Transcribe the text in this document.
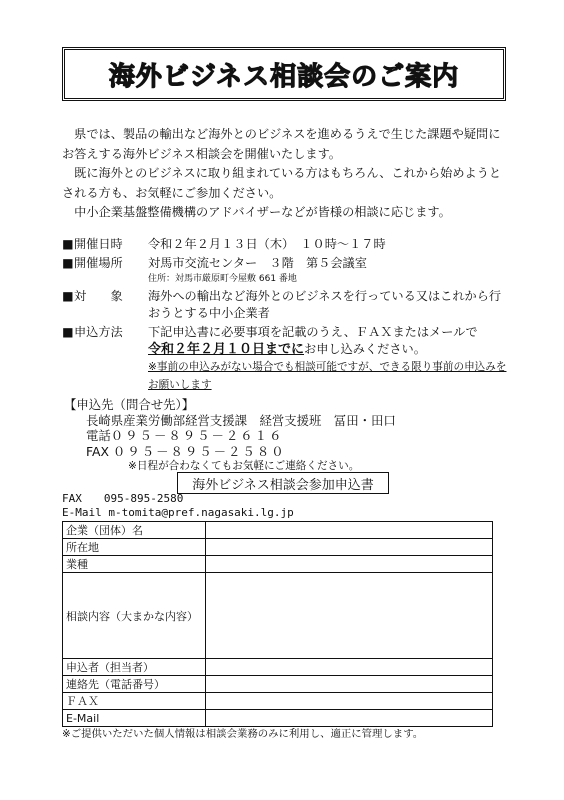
海外ビジネス相談会のご案内

　県では、製品の輸出など海外とのビジネスを進めるうえで生じた課題や疑問にお答えする海外ビジネス相談会を開催いたします。

　既に海外とのビジネスに取り組まれている方はもちろん、これから始めようとされる方も、お気軽にご参加ください。

　中小企業基盤整備機構のアドバイザーなどが皆様の相談に応じます。

■ 開催日時	令和２年２月１３日（木）　１０時～１７時
■ 開催場所	対馬市交流センター　３階　第５会議室
住所：対馬市厳原町今屋敷 661 番地
■ 対　　象	海外への輸出など海外とのビジネスを行っている又はこれから行おうとする中小企業者
■ 申込方法	下記申込書に必要事項を記載のうえ、ＦＡＸまたはメールで
令和２年２月１０日までにお申し込みください。
※事前の申込みがない場合でも相談可能ですが、できる限り事前の申込みをお願いします
【申込先（問合せ先）】
長崎県産業労働部経営支援課　経営支援班　冨田・田口
電話０９５－８９５－２６１６
FAX ０９５－８９５－２５８０
※日程が合わなくてもお気軽にご連絡ください。
海外ビジネス相談会参加申込書
FAX　　095-895-2580
E-Mail m-tomita@pref.nagasaki.lg.jp
企業（団体）名	
所在地	
業種	
相談内容（大まかな内容）	
申込者（担当者）	
連絡先（電話番号）	
ＦＡＸ	
E-Mail	
※ご提供いただいた個人情報は相談会業務のみに利用し、適正に管理します。
